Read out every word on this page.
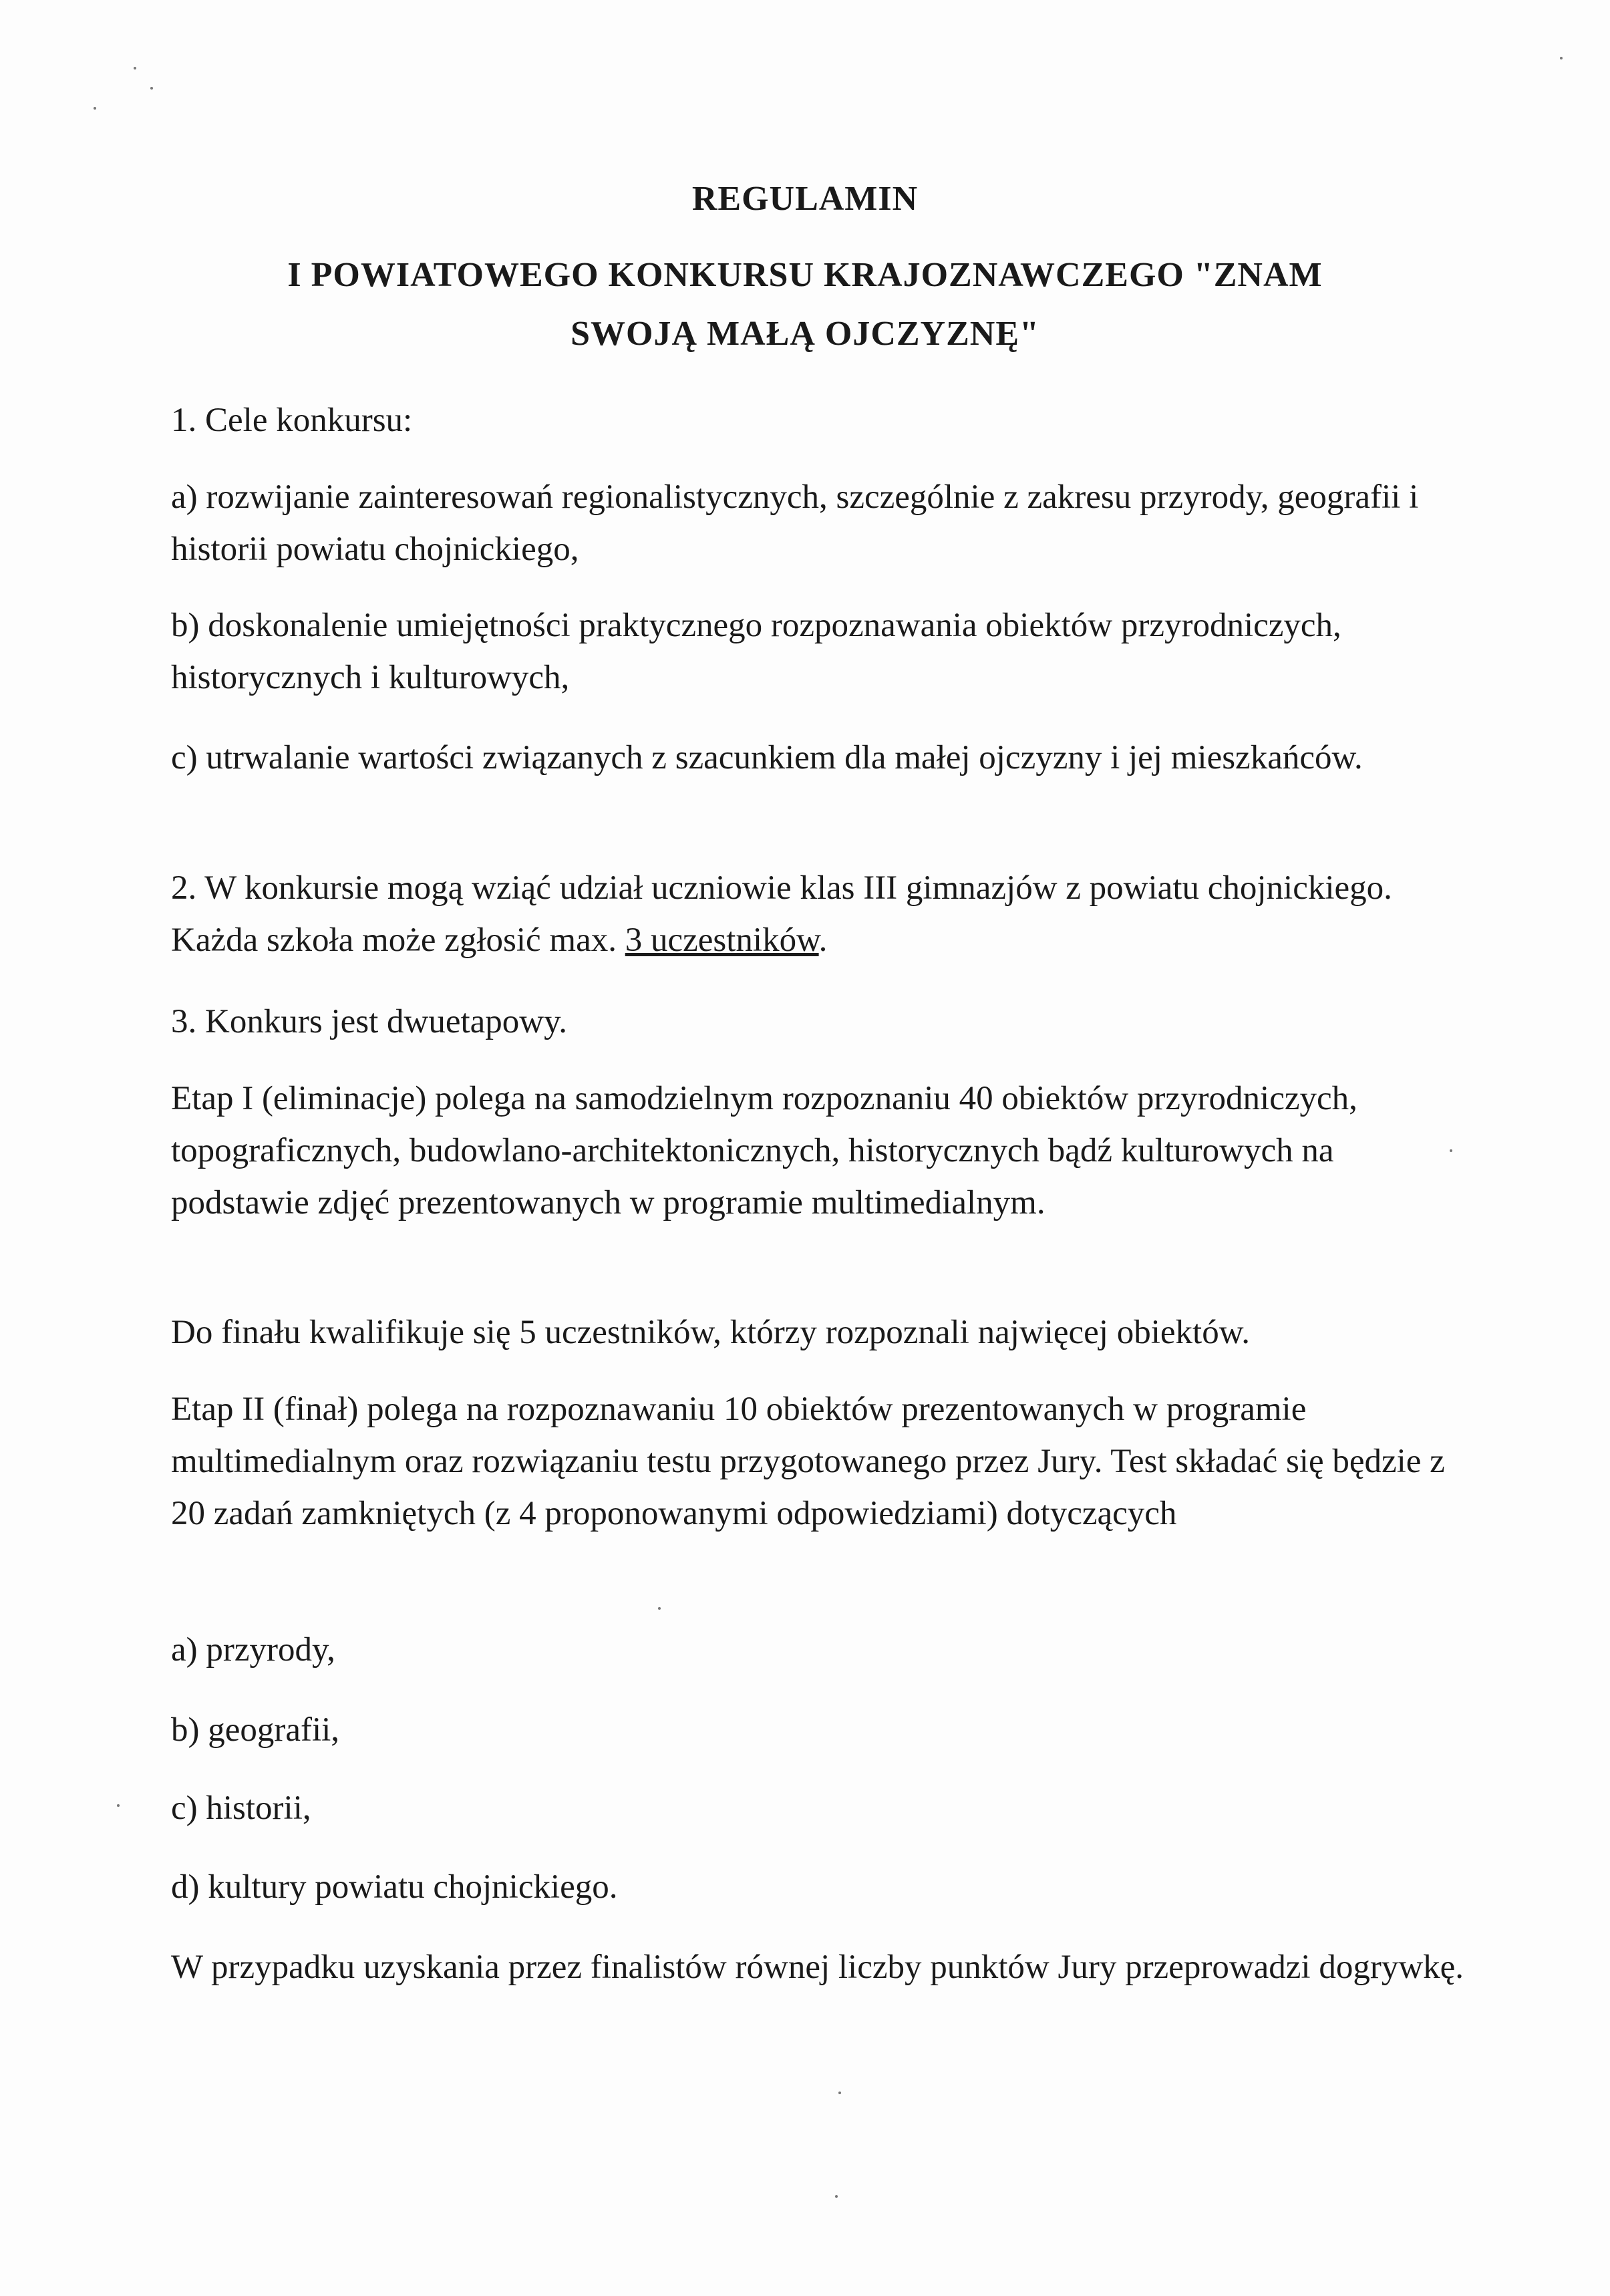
REGULAMIN
I POWIATOWEGO KONKURSU KRAJOZNAWCZEGO "ZNAM
SWOJĄ MAŁĄ OJCZYZNĘ"

1. Cele konkursu:

a) rozwijanie zainteresowań regionalistycznych, szczególnie z zakresu przyrody, geografii i historii powiatu chojnickiego,

b) doskonalenie umiejętności praktycznego rozpoznawania obiektów przyrodniczych, historycznych i kulturowych,

c) utrwalanie wartości związanych z szacunkiem dla małej ojczyzny i jej mieszkańców.

2. W konkursie mogą wziąć udział uczniowie klas III gimnazjów z powiatu chojnickiego. Każda szkoła może zgłosić max. 3 uczestników.

3. Konkurs jest dwuetapowy.

Etap I (eliminacje) polega na samodzielnym rozpoznaniu 40 obiektów przyrodniczych, topograficznych, budowlano-architektonicznych, historycznych bądź kulturowych na podstawie zdjęć prezentowanych w programie multimedialnym.

Do finału kwalifikuje się 5 uczestników, którzy rozpoznali najwięcej obiektów.

Etap II (finał) polega na rozpoznawaniu 10 obiektów prezentowanych w programie multimedialnym oraz rozwiązaniu testu przygotowanego przez Jury. Test składać się będzie z 20 zadań zamkniętych (z 4 proponowanymi odpowiedziami) dotyczących

a) przyrody,

b) geografii,

c) historii,

d) kultury powiatu chojnickiego.

W przypadku uzyskania przez finalistów równej liczby punktów Jury przeprowadzi dogrywkę.
